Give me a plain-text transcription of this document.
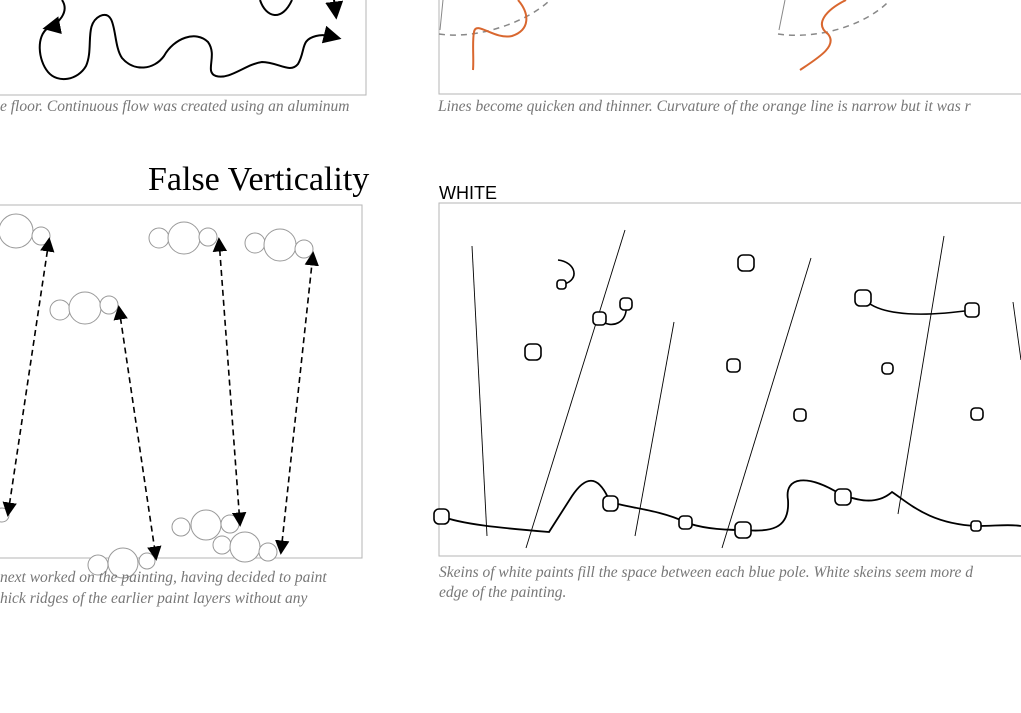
e floor. Continuous flow was created using an aluminum	Lines become quicken and thinner. Curvature of the orange line is narrow but it was r
False Verticality	WHITE
next worked on the painting, having decided to paint
hick ridges of the earlier paint layers without any
Skeins of white paints fill the space between each blue pole. White skeins seem more d
edge of the painting.
